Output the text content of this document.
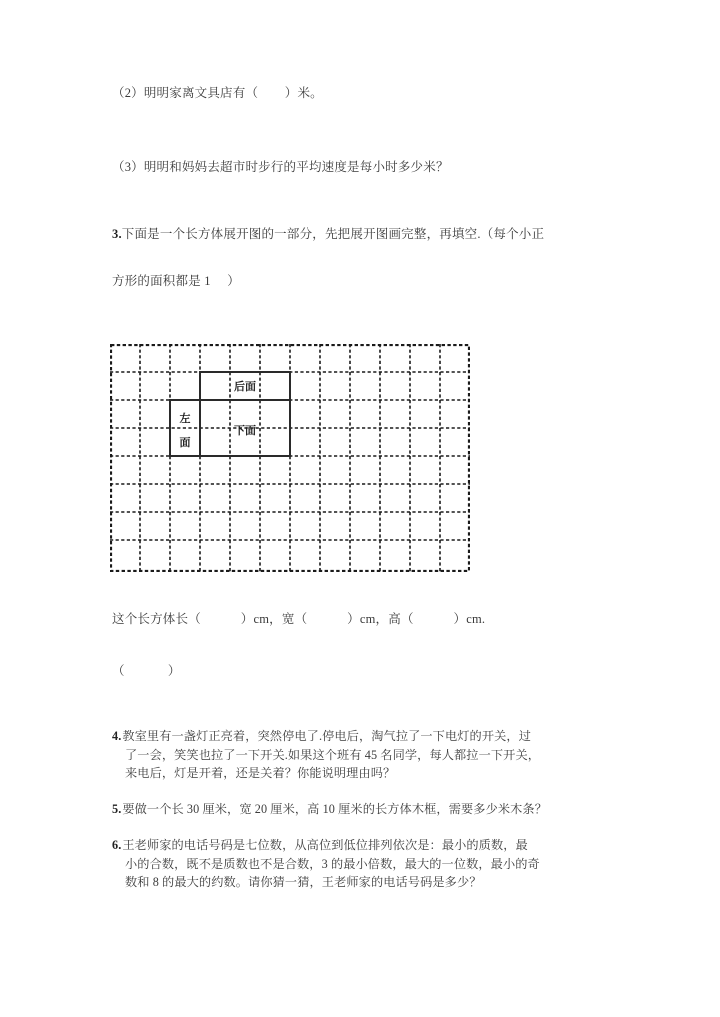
（2）明明家离文具店有（        ）米。
（3）明明和妈妈去超市时步行的平均速度是每小时多少米？
3.下面是一个长方体展开图的一部分，先把展开图画完整，再填空.（每个小正
方形的面积都是 1     ）
后面
左
面
下面
这个长方体长（            ）cm，宽（            ）cm，高（            ）cm.
（             ）
4.教室里有一盏灯正亮着，突然停电了.停电后，淘气拉了一下电灯的开关，过
了一会，笑笑也拉了一下开关.如果这个班有 45 名同学，每人都拉一下开关，
来电后，灯是开着，还是关着？你能说明理由吗？
5.要做一个长 30 厘米，宽 20 厘米，高 10 厘米的长方体木框，需要多少米木条？
6.王老师家的电话号码是七位数，从高位到低位排列依次是：最小的质数，最
小的合数，既不是质数也不是合数，3 的最小倍数，最大的一位数，最小的奇
数和 8 的最大的约数。请你猜一猜，王老师家的电话号码是多少？
